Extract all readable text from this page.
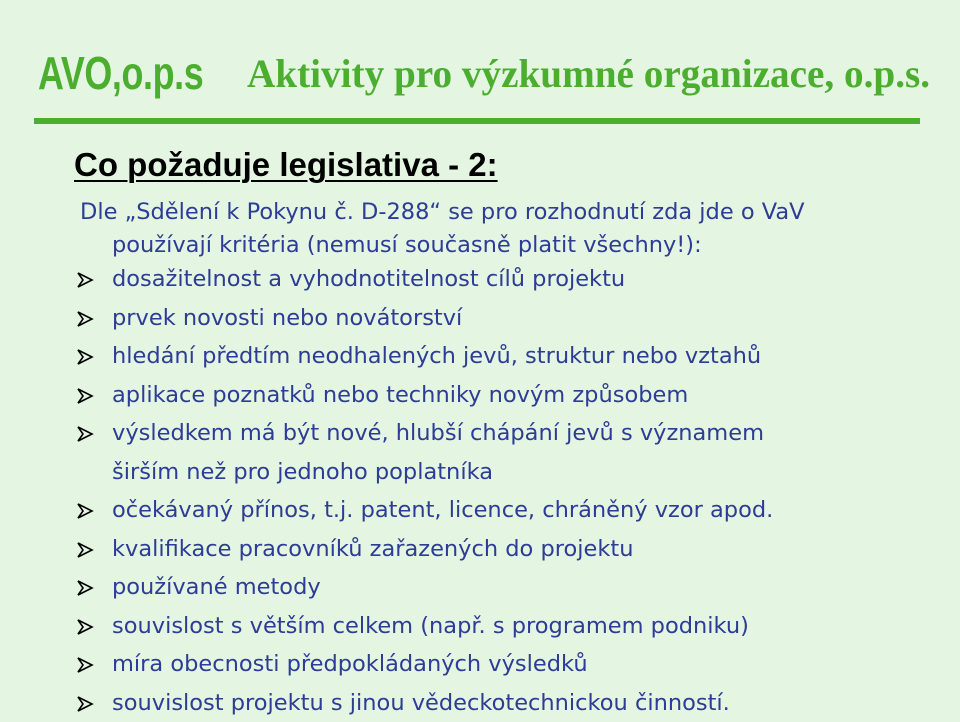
AVO,o.p.s Aktivity pro výzkumné organizace, o.p.s.
Co požaduje legislativa - 2:
Dle „Sdělení k Pokynu č. D-288“ se pro rozhodnutí zda jde o VaV
používají kritéria (nemusí současně platit všechny!):
dosažitelnost a vyhodnotitelnost cílů projektu
prvek novosti nebo novátorství
hledání předtím neodhalených jevů, struktur nebo vztahů
aplikace poznatků nebo techniky novým způsobem
výsledkem má být nové, hlubší chápání jevů s významem
širším než pro jednoho poplatníka
očekávaný přínos, t.j. patent, licence, chráněný vzor apod.
kvalifikace pracovníků zařazených do projektu
používané metody
souvislost s větším celkem (např. s programem podniku)
míra obecnosti předpokládaných výsledků
souvislost projektu s jinou vědeckotechnickou činností.
